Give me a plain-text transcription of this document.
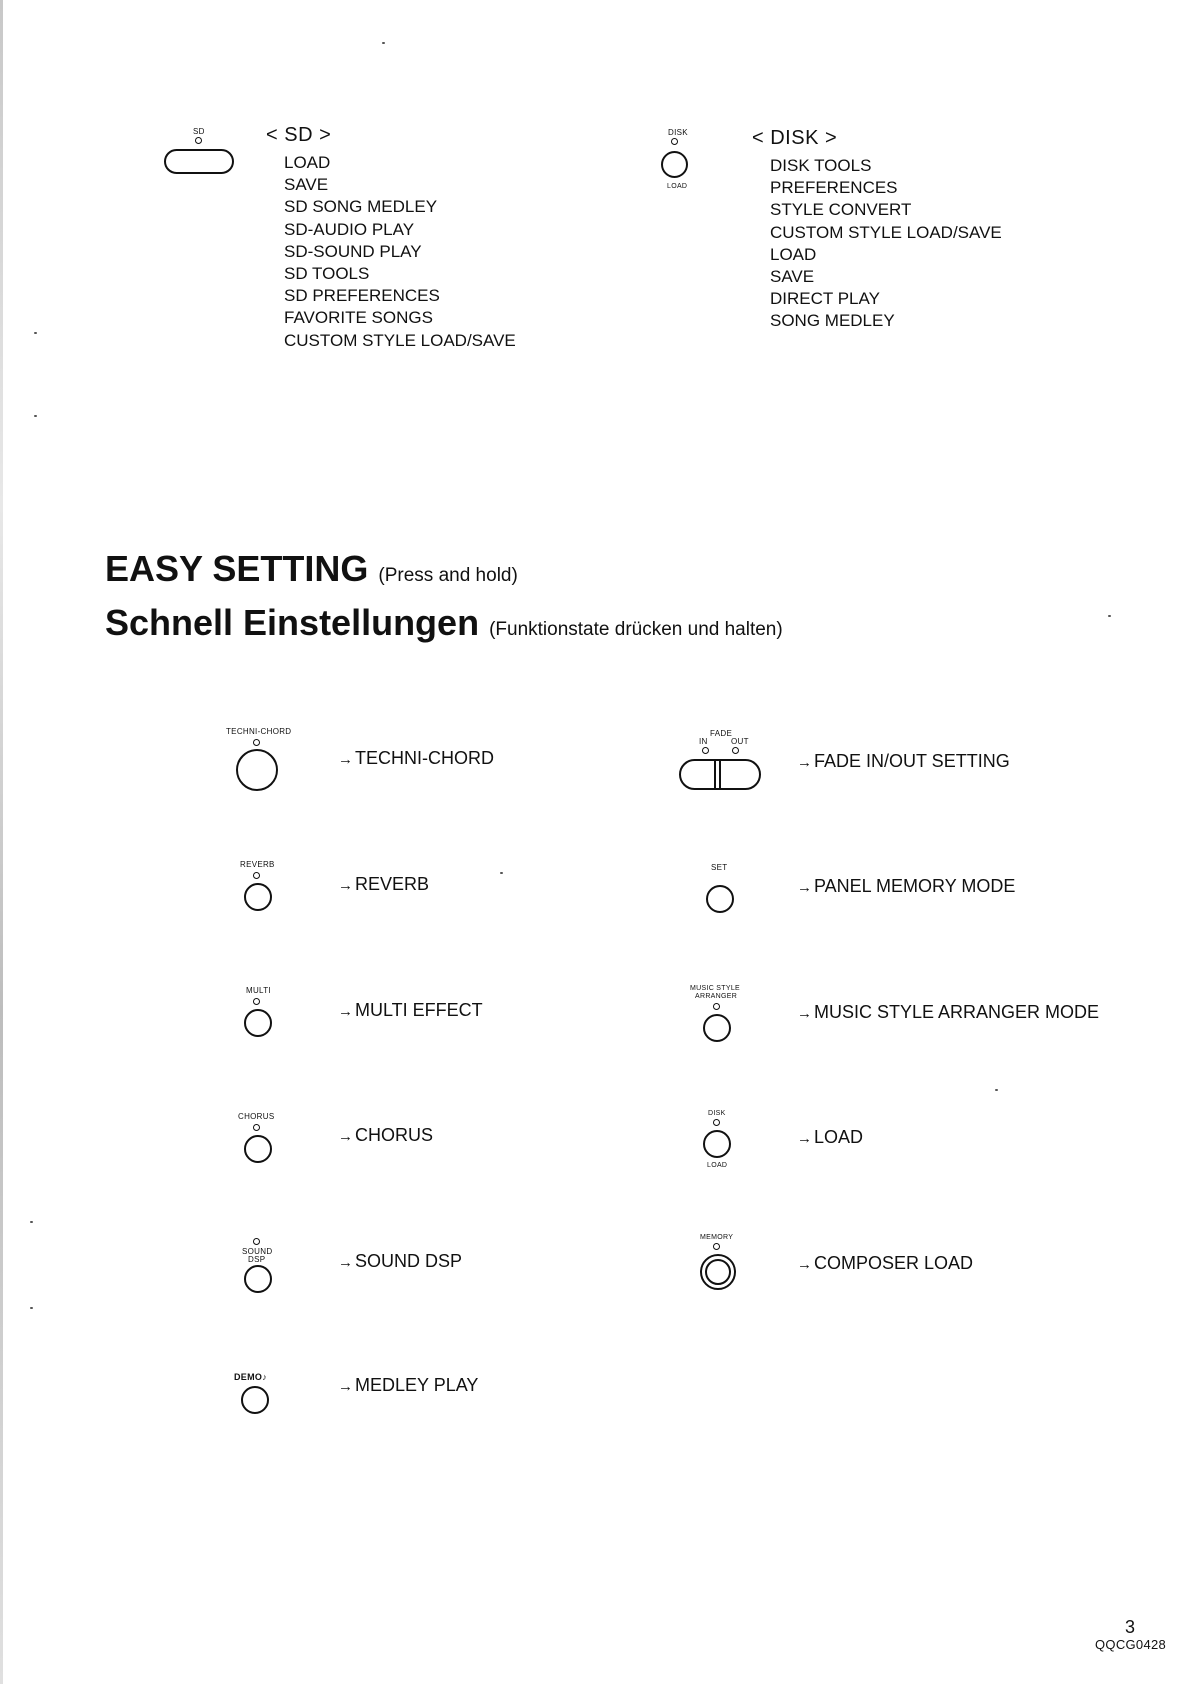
SD	< SD >
LOAD
SAVE
SD SONG MEDLEY
SD-AUDIO PLAY
SD-SOUND PLAY
SD TOOLS
SD PREFERENCES
FAVORITE SONGS
CUSTOM STYLE LOAD/SAVE
DISK
LOAD
< DISK >
DISK TOOLS
PREFERENCES
STYLE CONVERT
CUSTOM STYLE LOAD/SAVE
LOAD
SAVE
DIRECT PLAY
SONG MEDLEY
EASY SETTING (Press and hold)
Schnell Einstellungen (Funktionstate drücken und halten)
TECHNI-CHORD
→ TECHNI-CHORD
REVERB
→ REVERB
MULTI
→ MULTI EFFECT
CHORUS
→ CHORUS
SOUND
DSP	→ SOUND DSP
DEMO♪
→ MEDLEY PLAY
FADE
IN	OUT
→ FADE IN/OUT SETTING
SET
→ PANEL MEMORY MODE
MUSIC STYLE
ARRANGER
→ MUSIC STYLE ARRANGER MODE
DISK
LOAD
→ LOAD
MEMORY
→ COMPOSER LOAD
3
QQCG0428
